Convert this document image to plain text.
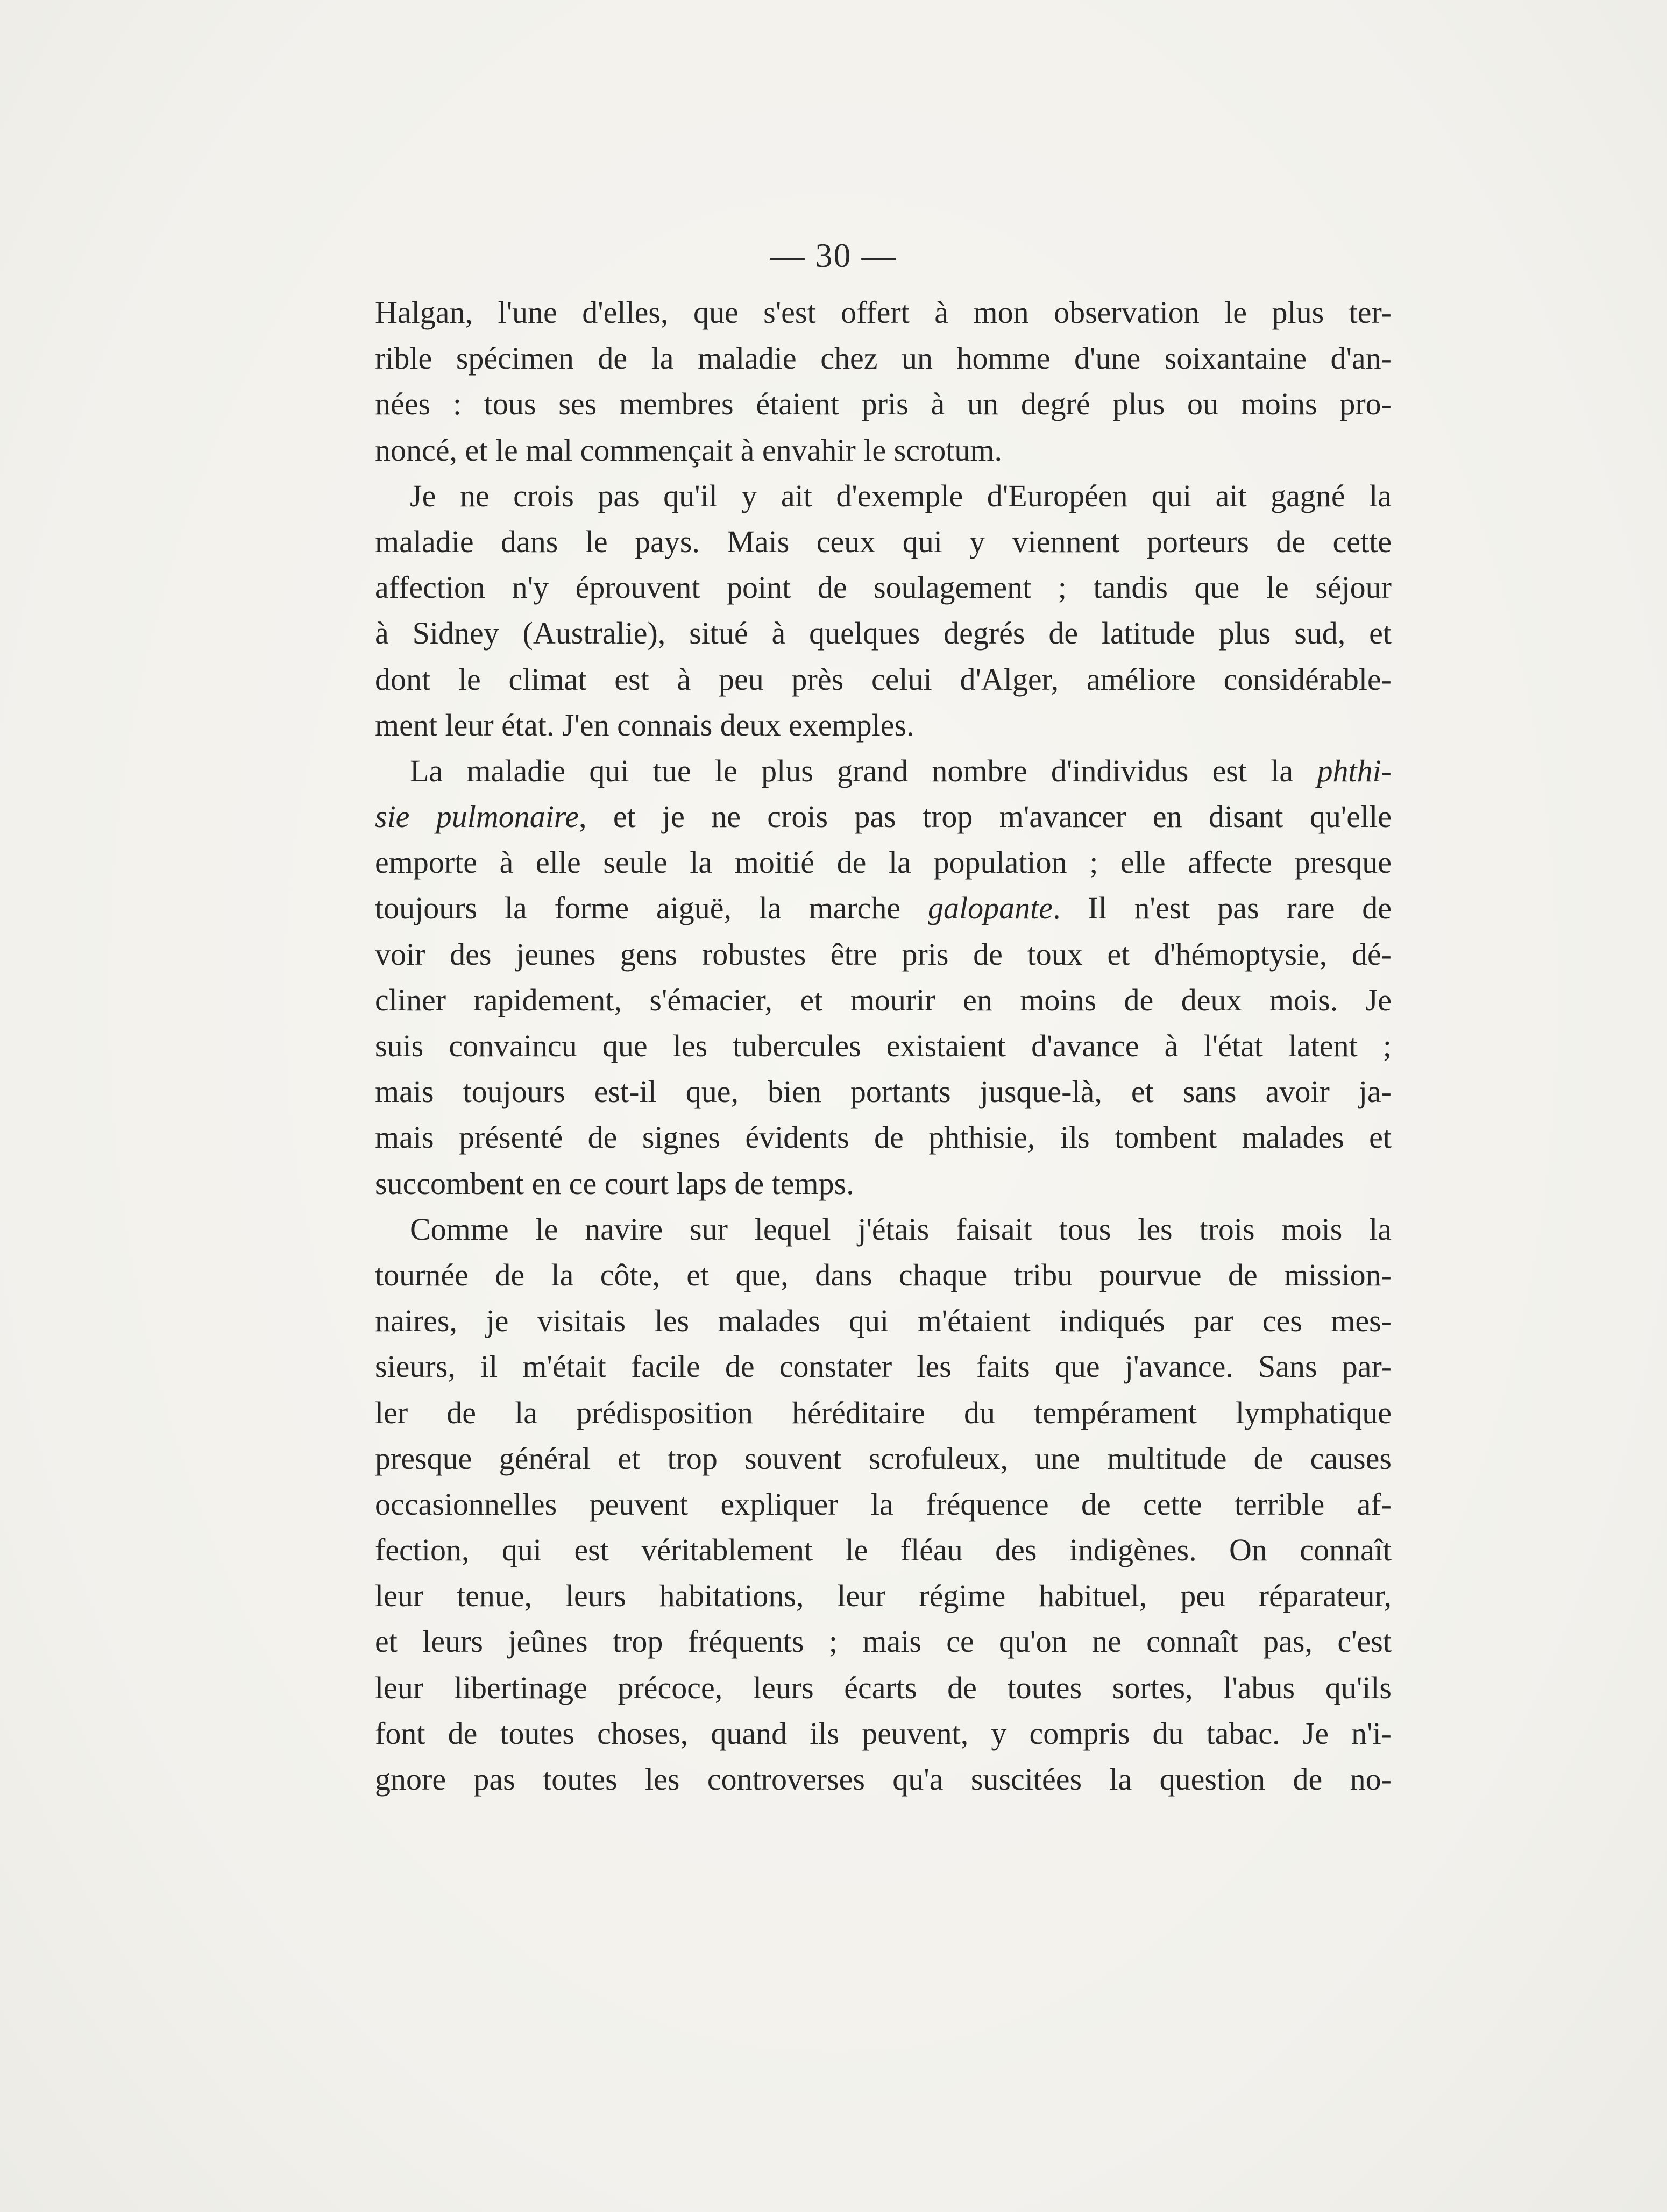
— 30 —
Halgan, l'une d'elles, que s'est offert à mon observation le plus ter-
rible spécimen de la maladie chez un homme d'une soixantaine d'an-
nées : tous ses membres étaient pris à un degré plus ou moins pro-
noncé, et le mal commençait à envahir le scrotum.
Je ne crois pas qu'il y ait d'exemple d'Européen qui ait gagné la
maladie dans le pays. Mais ceux qui y viennent porteurs de cette
affection n'y éprouvent point de soulagement ; tandis que le séjour
à Sidney (Australie), situé à quelques degrés de latitude plus sud, et
dont le climat est à peu près celui d'Alger, améliore considérable-
ment leur état. J'en connais deux exemples.
La maladie qui tue le plus grand nombre d'individus est la phthi-
sie pulmonaire, et je ne crois pas trop m'avancer en disant qu'elle
emporte à elle seule la moitié de la population ; elle affecte presque
toujours la forme aiguë, la marche galopante. Il n'est pas rare de
voir des jeunes gens robustes être pris de toux et d'hémoptysie, dé-
cliner rapidement, s'émacier, et mourir en moins de deux mois. Je
suis convaincu que les tubercules existaient d'avance à l'état latent ;
mais toujours est-il que, bien portants jusque-là, et sans avoir ja-
mais présenté de signes évidents de phthisie, ils tombent malades et
succombent en ce court laps de temps.
Comme le navire sur lequel j'étais faisait tous les trois mois la
tournée de la côte, et que, dans chaque tribu pourvue de mission-
naires, je visitais les malades qui m'étaient indiqués par ces mes-
sieurs, il m'était facile de constater les faits que j'avance. Sans par-
ler de la prédisposition héréditaire du tempérament lymphatique
presque général et trop souvent scrofuleux, une multitude de causes
occasionnelles peuvent expliquer la fréquence de cette terrible af-
fection, qui est véritablement le fléau des indigènes. On connaît
leur tenue, leurs habitations, leur régime habituel, peu réparateur,
et leurs jeûnes trop fréquents ; mais ce qu'on ne connaît pas, c'est
leur libertinage précoce, leurs écarts de toutes sortes, l'abus qu'ils
font de toutes choses, quand ils peuvent, y compris du tabac. Je n'i-
gnore pas toutes les controverses qu'a suscitées la question de no-
